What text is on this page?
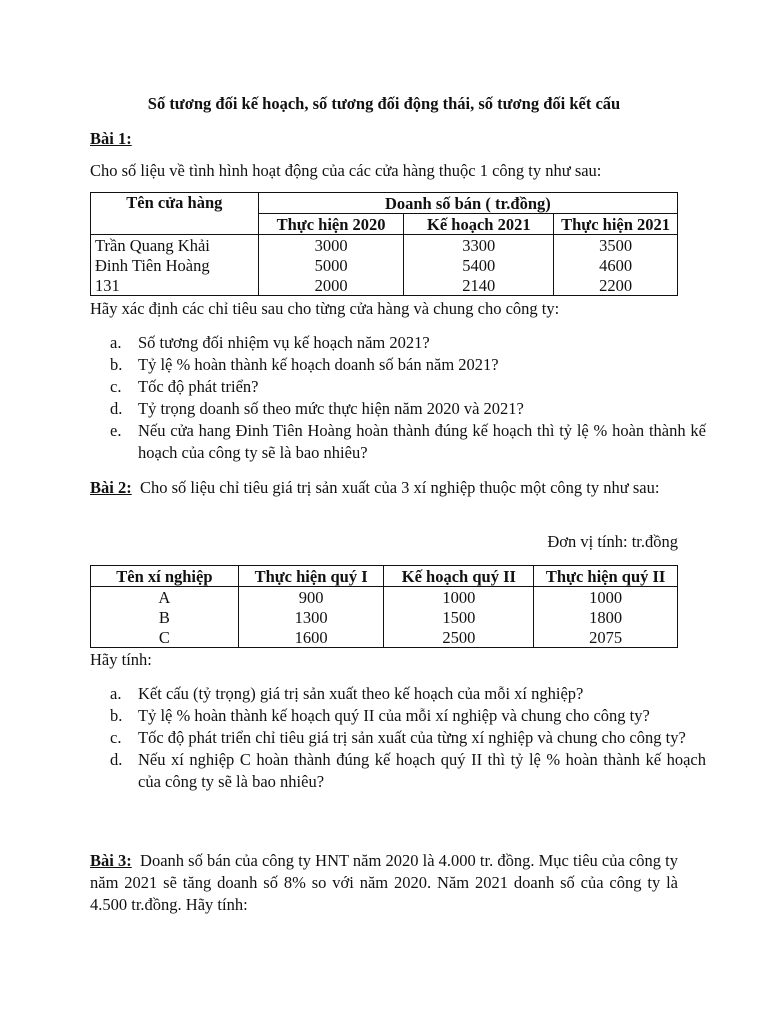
Số tương đối kế hoạch, số tương đối động thái, số tương đối kết cấu
Bài 1:
Cho số liệu về tình hình hoạt động của các cửa hàng thuộc 1 công ty như sau:
Tên cửa hàng	Doanh số bán ( tr.đồng)		
	Thực hiện 2020	Kế hoạch 2021	Thực hiện 2021
Trần Quang Khải	3000	3300	3500
Đinh Tiên Hoàng	5000	5400	4600
131	2000	2140	2200
Hãy xác định các chỉ tiêu sau cho từng cửa hàng và chung cho công ty:
a. Số tương đối nhiệm vụ kế hoạch năm 2021?
b. Tỷ lệ % hoàn thành kế hoạch doanh số bán năm 2021?
c. Tốc độ phát triển?
d. Tỷ trọng doanh số theo mức thực hiện năm 2020 và 2021?
e. Nếu cửa hang Đinh Tiên Hoàng hoàn thành đúng kế hoạch thì tỷ lệ % hoàn thành kế hoạch của công ty sẽ là bao nhiêu?
Bài 2: Cho số liệu chỉ tiêu giá trị sản xuất của 3 xí nghiệp thuộc một công ty như sau:
Đơn vị tính: tr.đồng
Tên xí nghiệp	Thực hiện quý I	Kế hoạch quý II	Thực hiện quý II
A	900	1000	1000
B	1300	1500	1800
C	1600	2500	2075
Hãy tính:
a. Kết cấu (tỷ trọng) giá trị sản xuất theo kế hoạch của mỗi xí nghiệp?
b. Tỷ lệ % hoàn thành kế hoạch quý II của mỗi xí nghiệp và chung cho công ty?
c. Tốc độ phát triển chỉ tiêu giá trị sản xuất của từng xí nghiệp và chung cho công ty?
d. Nếu xí nghiệp C hoàn thành đúng kế hoạch quý II thì tỷ lệ % hoàn thành kế hoạch của công ty sẽ là bao nhiêu?
Bài 3: Doanh số bán của công ty HNT năm 2020 là 4.000 tr. đồng. Mục tiêu của công ty năm 2021 sẽ tăng doanh số 8% so với năm 2020. Năm 2021 doanh số của công ty là 4.500 tr.đồng. Hãy tính:
